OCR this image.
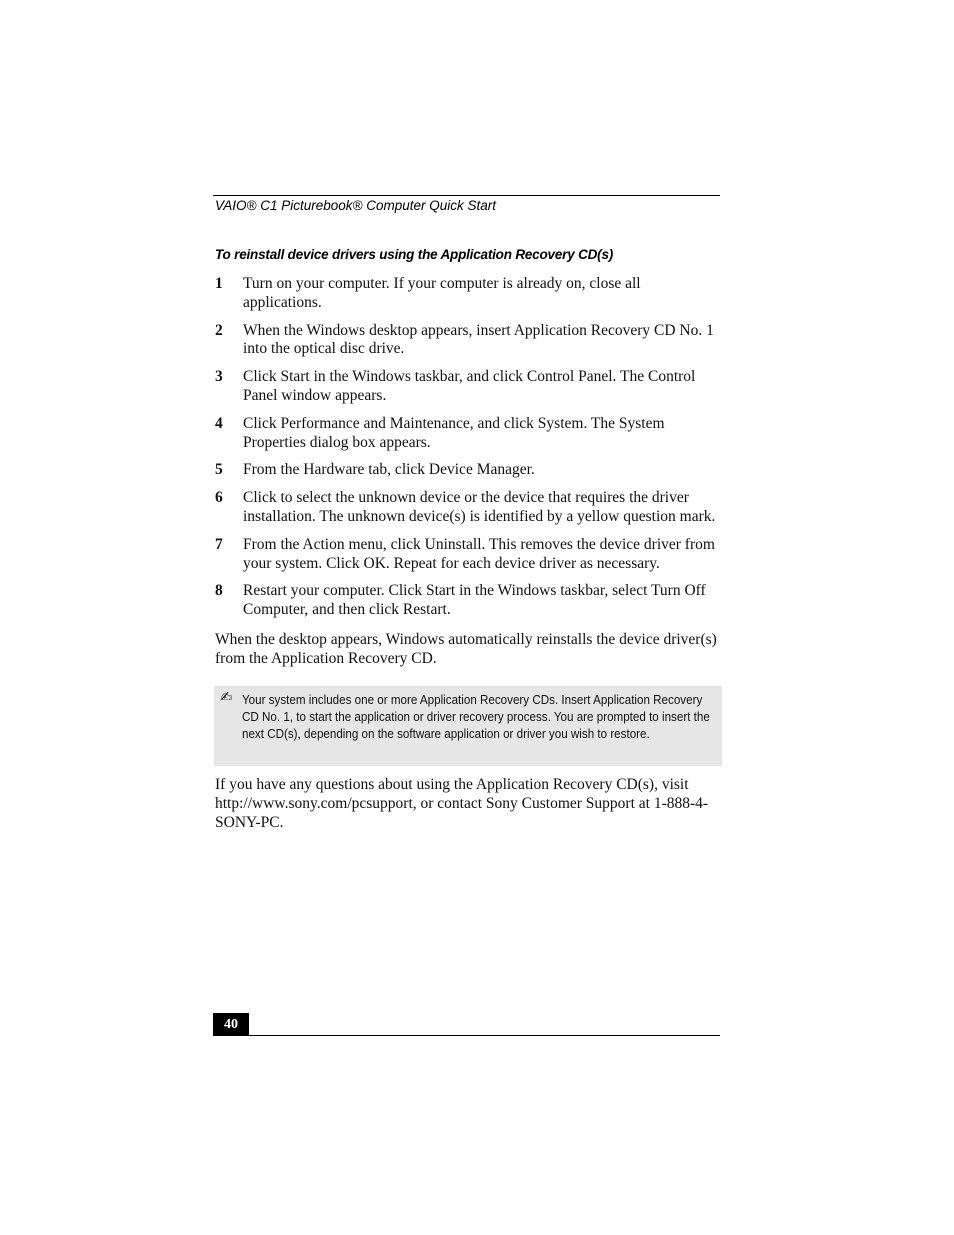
VAIO® C1 Picturebook® Computer Quick Start
To reinstall device drivers using the Application Recovery CD(s)
1	Turn on your computer. If your computer is already on, close all applications.
2	When the Windows desktop appears, insert Application Recovery CD No. 1 into the optical disc drive.
3	Click Start in the Windows taskbar, and click Control Panel. The Control Panel window appears.
4	Click Performance and Maintenance, and click System. The System Properties dialog box appears.
5	From the Hardware tab, click Device Manager.
6	Click to select the unknown device or the device that requires the driver installation. The unknown device(s) is identified by a yellow question mark.
7	From the Action menu, click Uninstall. This removes the device driver from your system. Click OK. Repeat for each device driver as necessary.
8	Restart your computer. Click Start in the Windows taskbar, select Turn Off Computer, and then click Restart.

When the desktop appears, Windows automatically reinstalls the device driver(s) from the Application Recovery CD.

✍ Your system includes one or more Application Recovery CDs. Insert Application Recovery CD No. 1, to start the application or driver recovery process. You are prompted to insert the next CD(s), depending on the software application or driver you wish to restore.

If you have any questions about using the Application Recovery CD(s), visit http://www.sony.com/pcsupport, or contact Sony Customer Support at 1-888-4-SONY-PC.

40
